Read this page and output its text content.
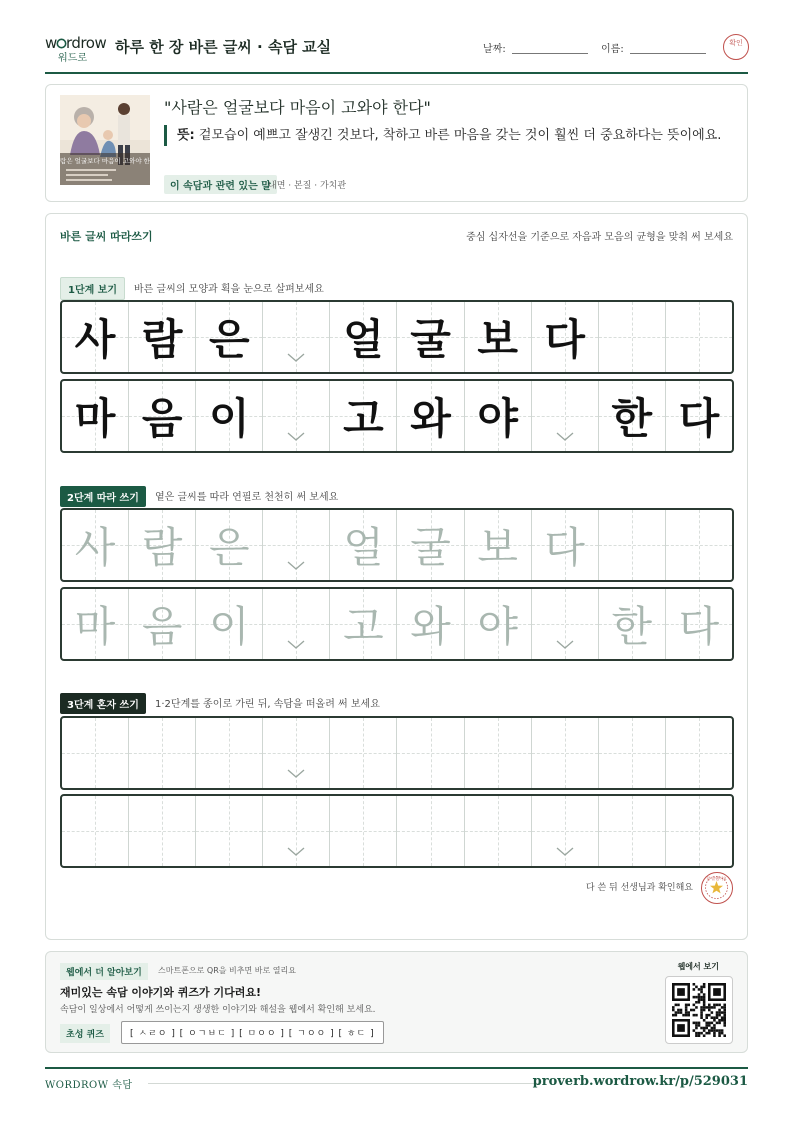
w rdrow
워드로
하루 한 장 바른 글씨 · 속담 교실	날짜:	이름:
확인
사람은 얼굴보다 마음이 고와야 한다
"사람은 얼굴보다 마음이 고와야 한다"
뜻: 겉모습이 예쁘고 잘생긴 것보다, 착하고 바른 마음을 갖는 것이 훨씬 더 중요하다는 뜻이에요.
이 속담과 관련 있는 말
내면 · 본질 · 가치관
바른 글씨 따라쓰기	중심 십자선을 기준으로 자음과 모음의 균형을 맞춰 써 보세요
1단계 보기	바른 글씨의 모양과 획을 눈으로 살펴보세요
사 람 은	얼 굴 보 다
마 음 이	고 와 야	한 다
2단계 따라 쓰기	옅은 글씨를 따라 연필로 천천히 써 보세요
사 람 은	얼 굴 보 다
마 음 이	고 와 야	한 다
3단계 혼자 쓰기	1·2단계를 종이로 가린 뒤, 속담을 떠올려 써 보세요
다 쓴 뒤 선생님과 확인해요
참 잘했어요
웹에서 더 알아보기	스마트폰으로 QR을 비추면 바로 열리요
재미있는 속담 이야기와 퀴즈가 기다려요!
속담이 일상에서 어떻게 쓰이는지 생생한 이야기와 해설을 웹에서 확인해 보세요.
초성 퀴즈	[ ㅅㄹㅇ ] [ ㅇㄱㅂㄷ ] [ ㅁㅇㅇ ] [ ㄱㅇㅇ ] [ ㅎㄷ ]
웹에서 보기
WORDROW 속담	proverb.wordrow.kr/p/529031
